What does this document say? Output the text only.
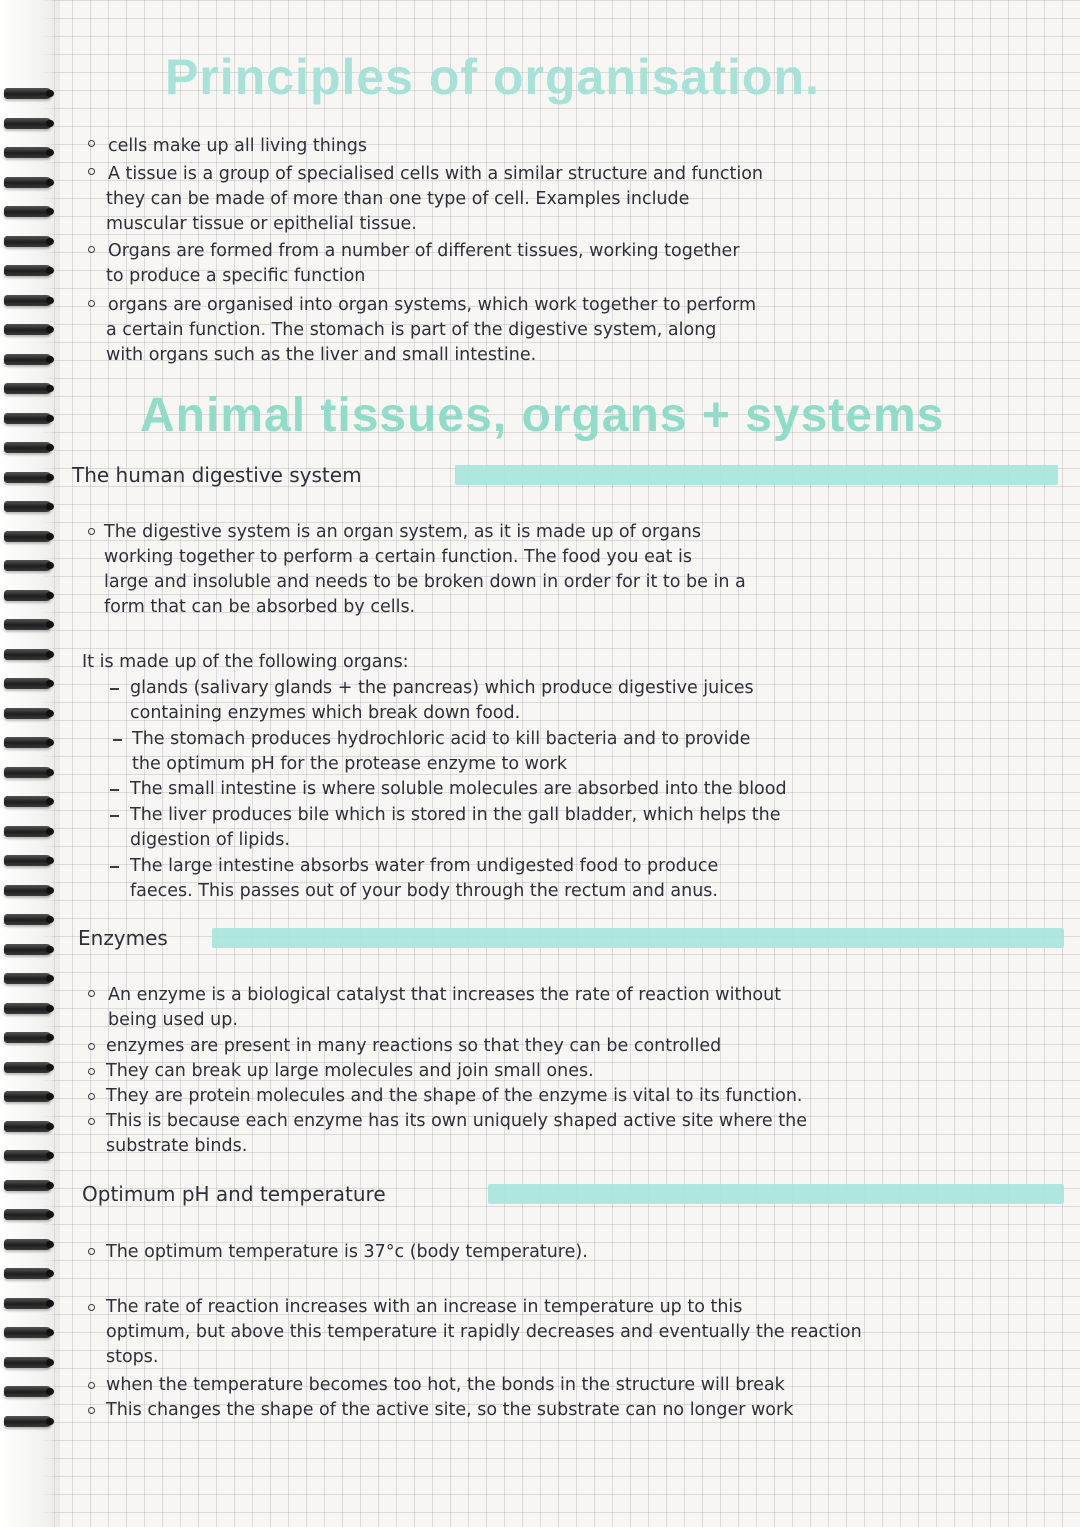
Principles of organisation.
cells make up all living things
A tissue is a group of specialised cells with a similar structure and function
they can be made of more than one type of cell. Examples include
muscular tissue or epithelial tissue.
Organs are formed from a number of different tissues, working together
to produce a specific function
organs are organised into organ systems, which work together to perform
a certain function. The stomach is part of the digestive system, along
with organs such as the liver and small intestine.
Animal tissues, organs + systems
The human digestive system
The digestive system is an organ system, as it is made up of organs
working together to perform a certain function. The food you eat is
large and insoluble and needs to be broken down in order for it to be in a
form that can be absorbed by cells.
It is made up of the following organs:
glands (salivary glands + the pancreas) which produce digestive juices
containing enzymes which break down food.
The stomach produces hydrochloric acid to kill bacteria and to provide
the optimum pH for the protease enzyme to work
The small intestine is where soluble molecules are absorbed into the blood
The liver produces bile which is stored in the gall bladder, which helps the
digestion of lipids.
The large intestine absorbs water from undigested food to produce
faeces. This passes out of your body through the rectum and anus.
Enzymes
An enzyme is a biological catalyst that increases the rate of reaction without
being used up.
enzymes are present in many reactions so that they can be controlled
They can break up large molecules and join small ones.
They are protein molecules and the shape of the enzyme is vital to its function.
This is because each enzyme has its own uniquely shaped active site where the
substrate binds.
Optimum pH and temperature
The optimum temperature is 37°c (body temperature).
The rate of reaction increases with an increase in temperature up to this
optimum, but above this temperature it rapidly decreases and eventually the reaction
stops.
when the temperature becomes too hot, the bonds in the structure will break
This changes the shape of the active site, so the substrate can no longer work
